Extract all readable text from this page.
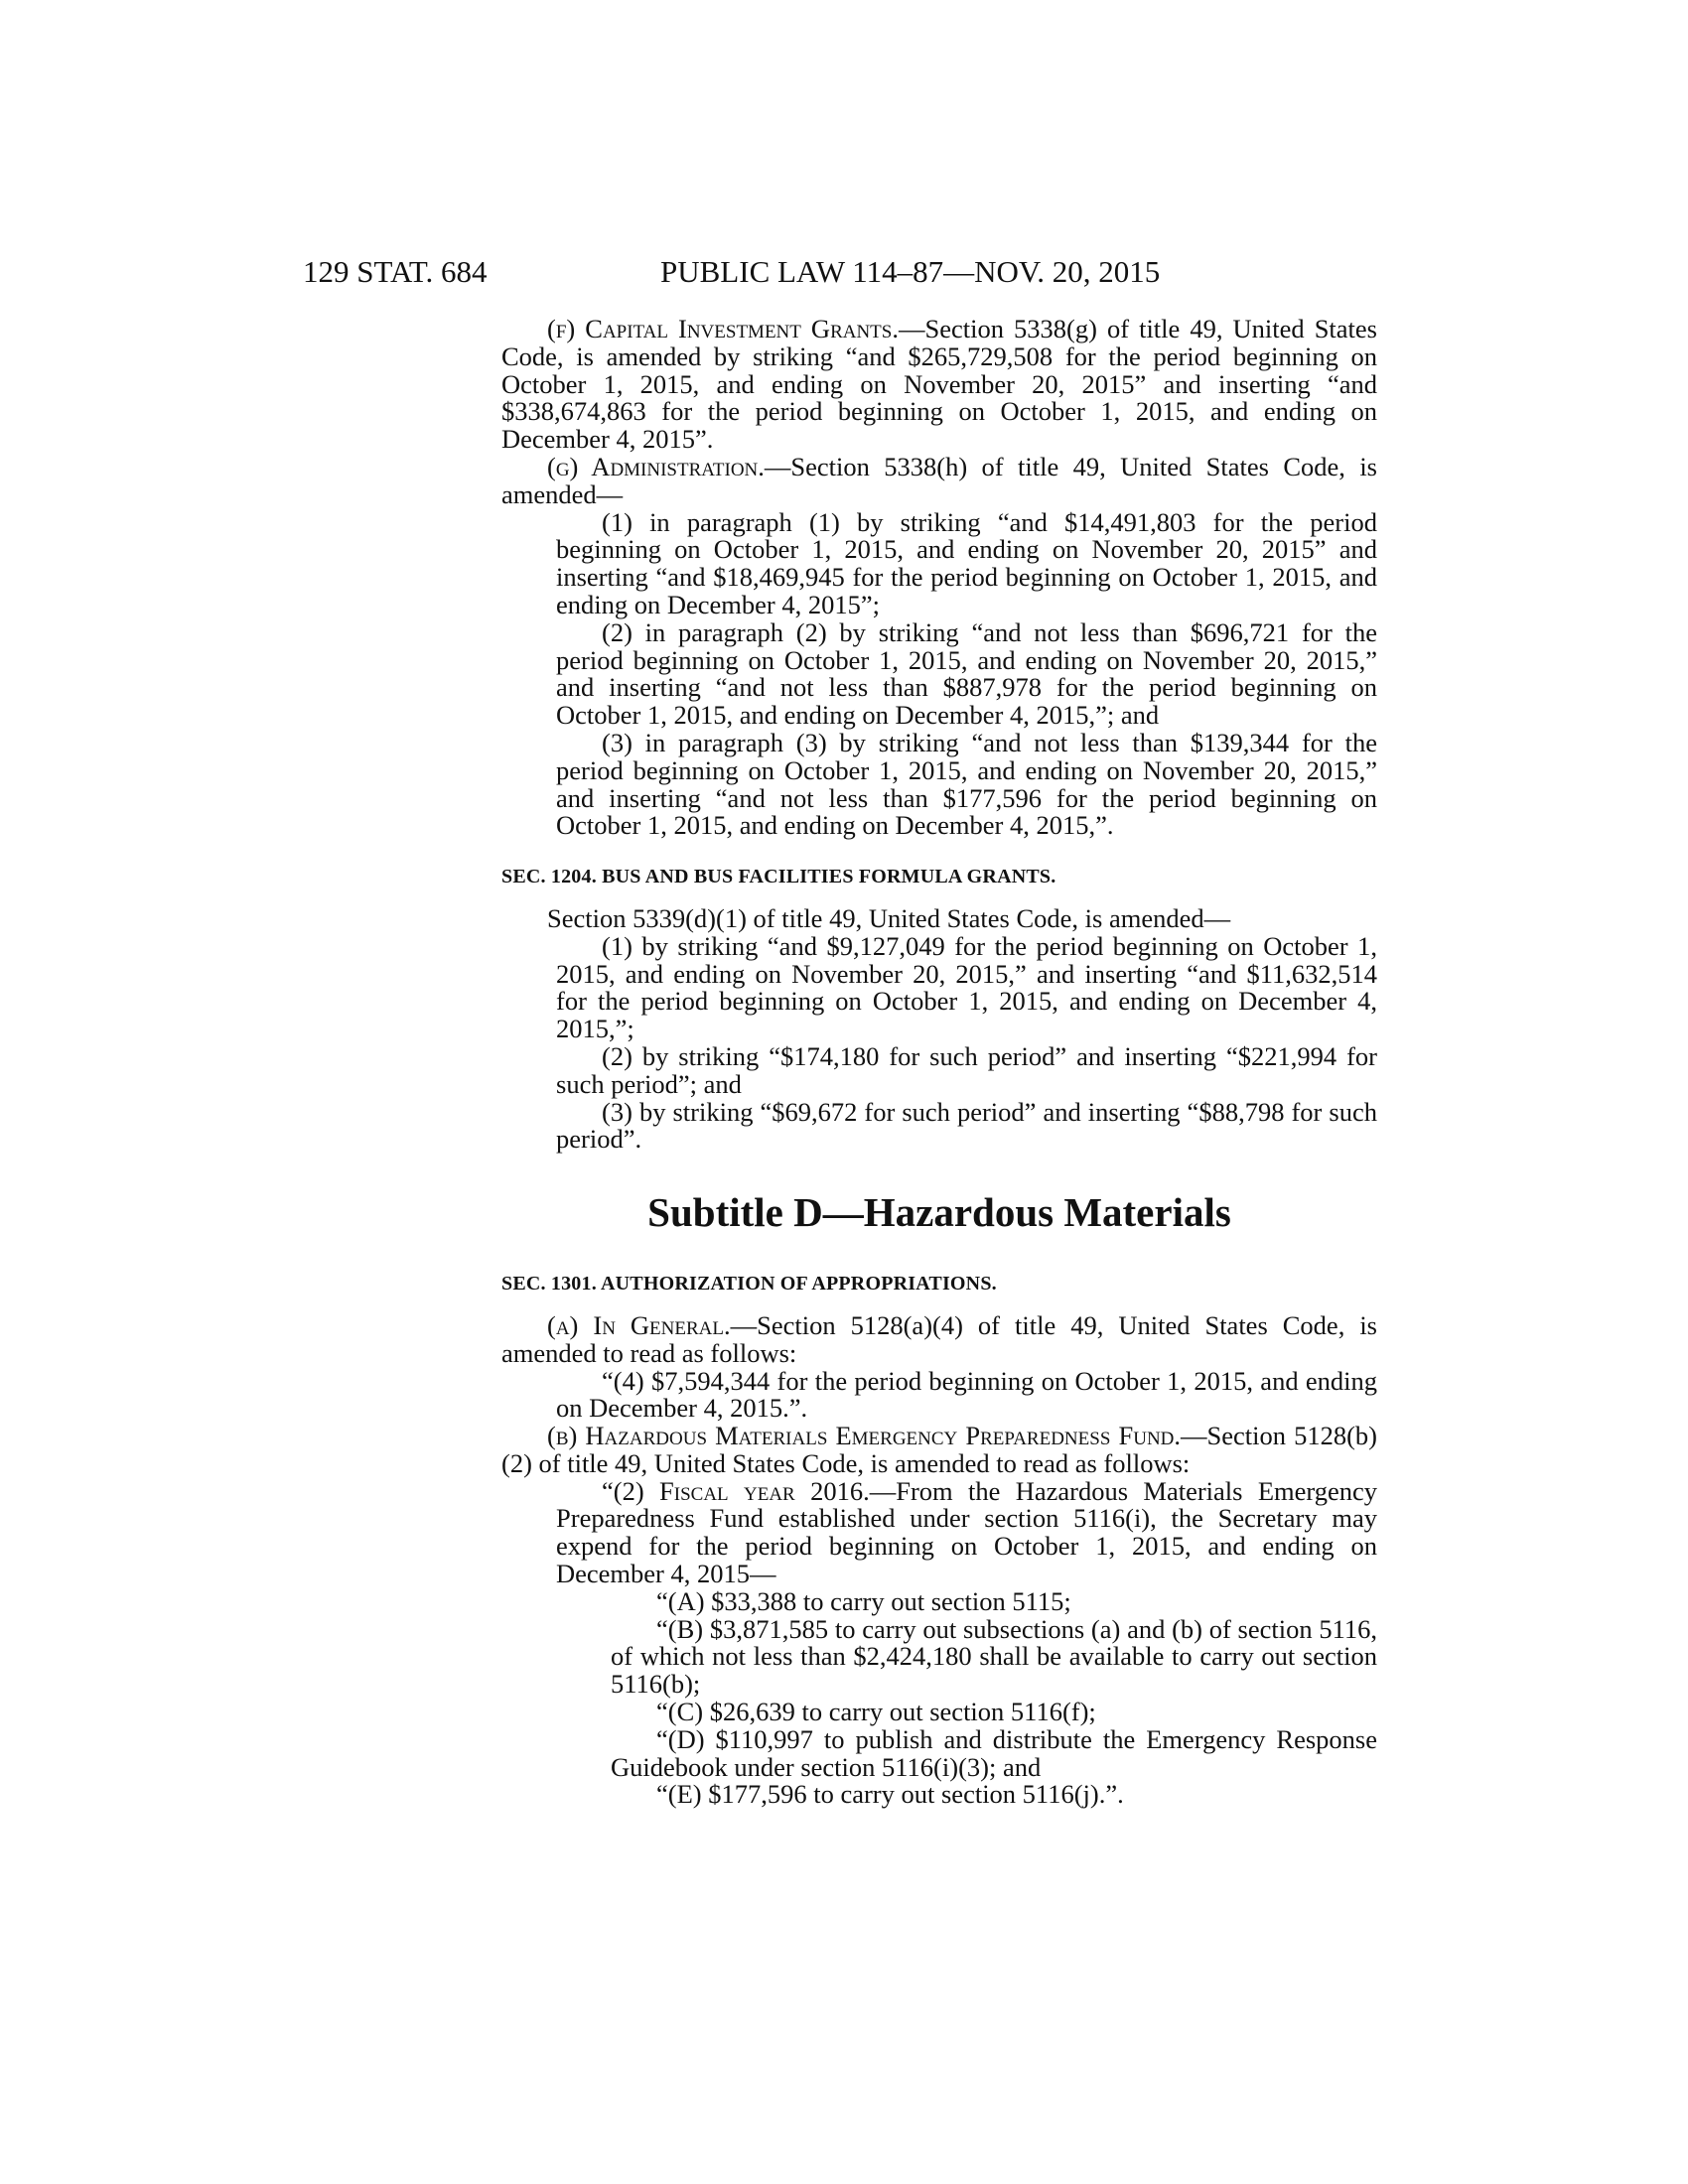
129 STAT. 684	PUBLIC LAW 114–87—NOV. 20, 2015

(f) Capital Investment Grants.—Section 5338(g) of title 49, United States Code, is amended by striking “and $265,729,508 for the period beginning on October 1, 2015, and ending on November 20, 2015” and inserting “and $338,674,863 for the period beginning on October 1, 2015, and ending on December 4, 2015”.

(g) Administration.—Section 5338(h) of title 49, United States Code, is amended—

(1) in paragraph (1) by striking “and $14,491,803 for the period beginning on October 1, 2015, and ending on November 20, 2015” and inserting “and $18,469,945 for the period beginning on October 1, 2015, and ending on December 4, 2015”;

(2) in paragraph (2) by striking “and not less than $696,721 for the period beginning on October 1, 2015, and ending on November 20, 2015,” and inserting “and not less than $887,978 for the period beginning on October 1, 2015, and ending on December 4, 2015,”; and

(3) in paragraph (3) by striking “and not less than $139,344 for the period beginning on October 1, 2015, and ending on November 20, 2015,” and inserting “and not less than $177,596 for the period beginning on October 1, 2015, and ending on December 4, 2015,”.

SEC. 1204. BUS AND BUS FACILITIES FORMULA GRANTS.

Section 5339(d)(1) of title 49, United States Code, is amended—

(1) by striking “and $9,127,049 for the period beginning on October 1, 2015, and ending on November 20, 2015,” and inserting “and $11,632,514 for the period beginning on October 1, 2015, and ending on December 4, 2015,”;

(2) by striking “$174,180 for such period” and inserting “$221,994 for such period”; and

(3) by striking “$69,672 for such period” and inserting “$88,798 for such period”.

Subtitle D—Hazardous Materials
SEC. 1301. AUTHORIZATION OF APPROPRIATIONS.

(a) In General.—Section 5128(a)(4) of title 49, United States Code, is amended to read as follows:

“(4) $7,594,344 for the period beginning on October 1, 2015, and ending on December 4, 2015.”.

(b) Hazardous Materials Emergency Preparedness Fund.—Section 5128(b)(2) of title 49, United States Code, is amended to read as follows:

“(2) Fiscal year 2016.—From the Hazardous Materials Emergency Preparedness Fund established under section 5116(i), the Secretary may expend for the period beginning on October 1, 2015, and ending on December 4, 2015—

“(A) $33,388 to carry out section 5115;

“(B) $3,871,585 to carry out subsections (a) and (b) of section 5116, of which not less than $2,424,180 shall be available to carry out section 5116(b);

“(C) $26,639 to carry out section 5116(f);

“(D) $110,997 to publish and distribute the Emergency Response Guidebook under section 5116(i)(3); and

“(E) $177,596 to carry out section 5116(j).”.
